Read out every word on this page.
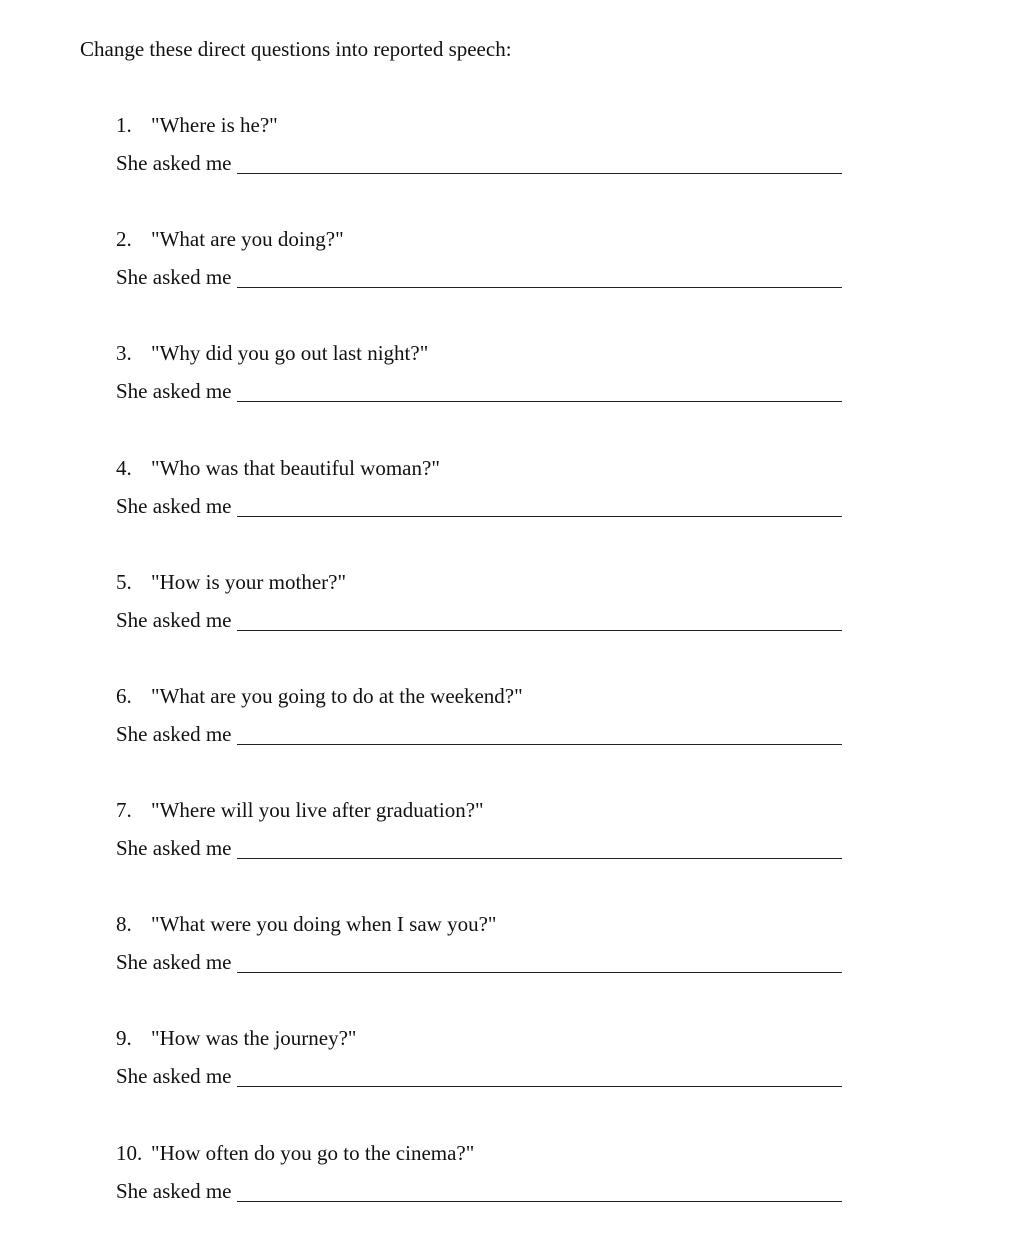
Change these direct questions into reported speech:
1. "Where is he?"
She asked me
2. "What are you doing?"
She asked me
3. "Why did you go out last night?"
She asked me
4. "Who was that beautiful woman?"
She asked me
5. "How is your mother?"
She asked me
6. "What are you going to do at the weekend?"
She asked me
7. "Where will you live after graduation?"
She asked me
8. "What were you doing when I saw you?"
She asked me
9. "How was the journey?"
She asked me
10. "How often do you go to the cinema?"
She asked me
